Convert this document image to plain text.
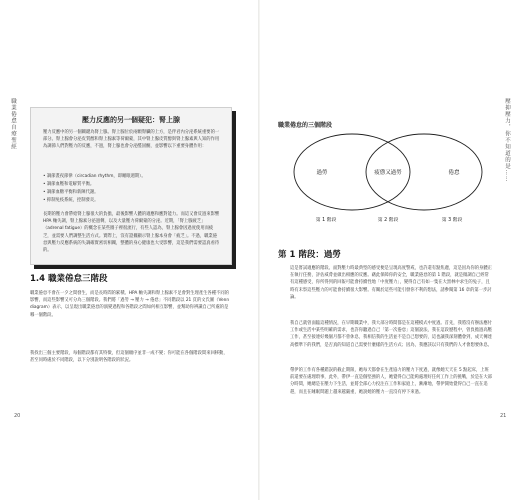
職業倦怠自療聖經	壓力反應的另一個疑犯：腎上腺
壓力反應中的另一個關鍵為腎上腺。腎上腺位於兩顆腎臟的上方，是伴君內分泌系統重要的一部分。腎上腺會分泌皮質醇和腎上腺素等荷爾蒙，其中腎上腺皮質醇與腎上腺素與人知的作用為調節人們對壓力的反應，不過，腎上腺也會分泌醛固酮，並影響以下重要身體作用：
• 調節晝夜節律（circadian rhythm，即睡眠週期）。
• 調節血壓和電解質平衡。
• 調節血糖平衡和新陳代謝。
• 抑制免疫系統，控制發炎。
長期的壓力會帶給腎上腺很大的負擔，最後影響人體的適應和應對能力。而這又會反過來影響 HPA 軸失調，腎上腺素分泌過剩，以及大量壓力荷爾蒙的分泌。近期，「腎上腺疲乏」（adrenal fatigue）的概念在某些圈子裡很流行，有些人認為，腎上腺會因過度使用而疲乏，並需要人們調整生活方式。實際上，沒有證據顯示腎上腺本身會「疲乏」。不過，職業倦怠與壓力反應系統的失調確實密切相關，整體的身心健康也大受影響，這是我們需要認真看待的。
1.4 職業倦怠三階段
職業倦怠不會在一夕之間發生，而是長時間的累積。HPA 軸失調和腎上腺素不足會對生理產生各種不同的影響，而這些影響又可分為三個階段。我們將「過勞 → 壓力 → 倦怠」不同階段以 21 頁的文氏圖（Venn diagram）表示，以呈現出職業倦怠的演變過程和各階段之間如何相互影響，並幫助你辨識自己所處的是哪一個階段。
我找出三個主要階段，每個階段都有其特徵，但這個順序並非一成不變；你可能在各個階段間來回移動，甚至同時處於不同階段，以下分別說明各階段的狀況。
20
壓抑壓力，你不知道的是……
職業倦怠的三個階段
過勞	疲憊又過勞	倦怠
第 1 階段	第 2 階段	第 3 階段
第 1 階段：過勞
這是嘗試適應的階段。面對壓力時最典型的感受便是呈現高度警戒，也許還有點焦慮，這是因為你的身體正在執行任務，評估威脅並做出相應的反應。藉此保障你的安全，職業倦怠的第 1 階段，就是微調自己經常有這種感受，你所得到的回報可能會持續性地「中度壓力」，變得自己有如一隻在大黑林中求生的兔子，且時有未察這些壓力的可能會持續很大影響。有關於這些可能引發你不利的想法，請參閱第 16 章的第一步討論。
我自己就曾面臨這種情況，在早期職業中，我大部分時間都是在這種模式中度過。首先，我將沒有辦法應付工作或生活中某些明確的需求，也許你聽過自己「第一次倦怠」這個說法，我在這段歷程中，曾負擔過高壓工作，甚至接連好幾個月都不曾休息，我相信我的生活並不是自己想要的，這也讓我深刻體會到，成天傳達高標準下的我們，是否真的知道自己需要什麼樣的生活方式；因為，我應該以只有我們的人才會想要休息。
帶伊的工作有各種錯誤的截止期限，她每天都會在生產協力的壓力下度過，就像她天天在 5 點起床，上班前還要在處理瑣事，此外，帶伊一直是個堅強的人，她覺得自己能夠處理好任何工作上的挑戰，於是在大部分時間，她總是在壓力下生活，並將全部心力投注在工作和家庭上，漸漸地，帶伊開始覺得自己一直在追趕，而且在睡眠問題上越來越嚴重，她說她的壓力一直沒有停下來過。
21
